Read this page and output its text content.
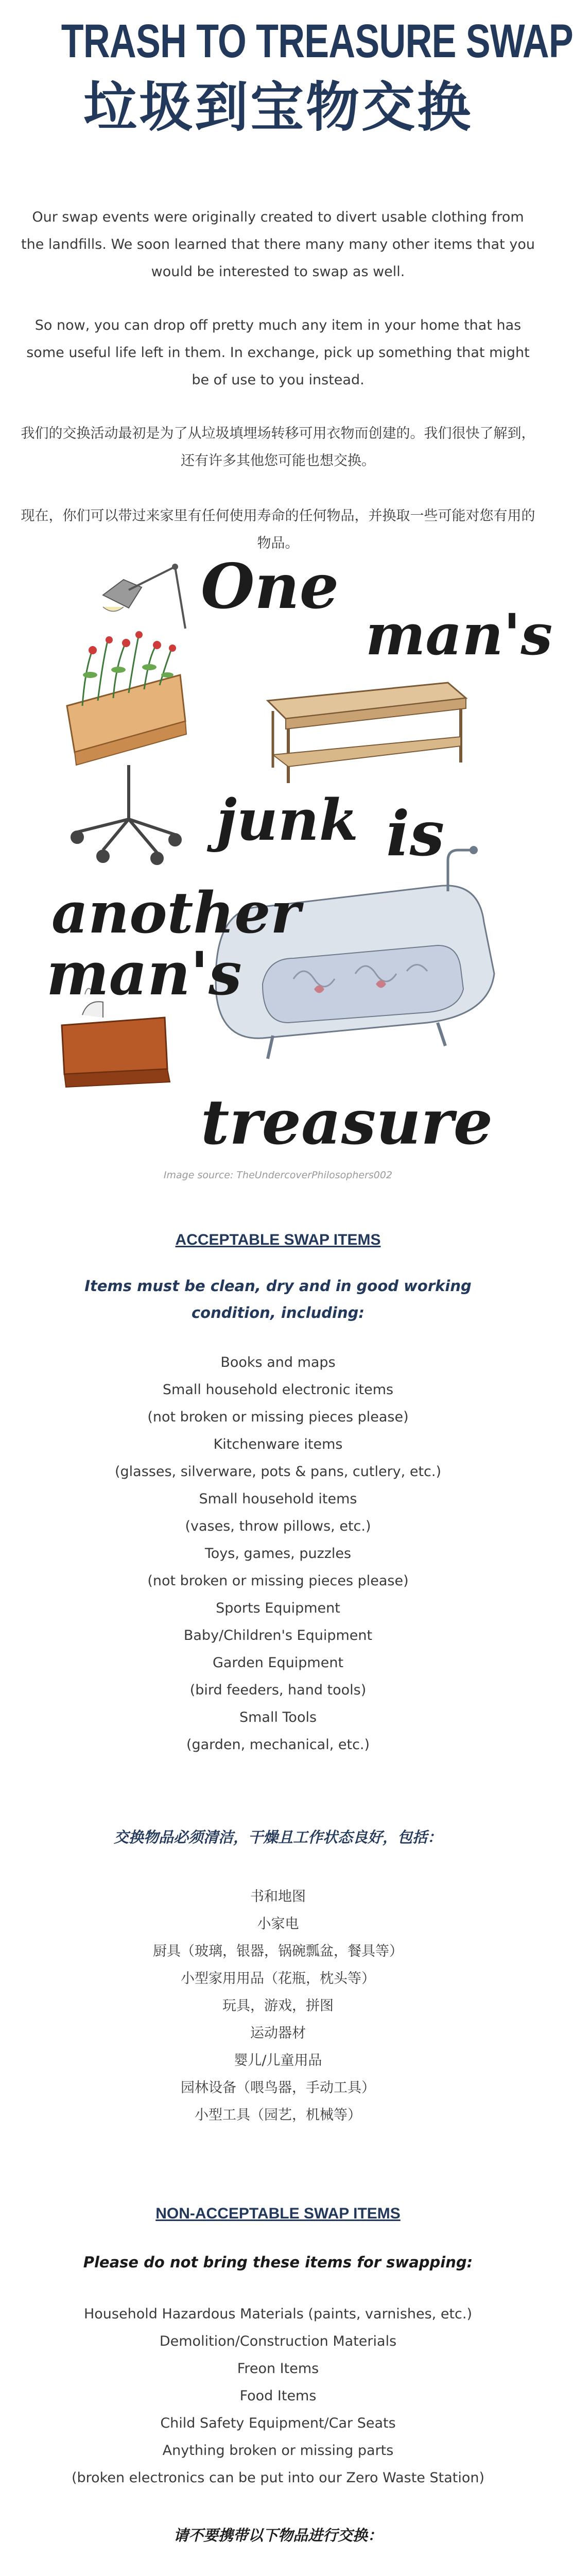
TRASH TO TREASURE SWAP
垃圾到宝物交换

Our swap events were originally created to divert usable clothing from the landfills. We soon learned that there many many other items that you would be interested to swap as well.

So now, you can drop off pretty much any item in your home that has some useful life left in them. In exchange, pick up something that might be of use to you instead.

我们的交换活动最初是为了从垃圾填埋场转移可用衣物而创建的。我们很快了解到，还有许多其他您可能也想交换。

现在，你们可以带过来家里有任何使用寿命的任何物品，并换取一些可能对您有用的物品。

One
man's
junk is
another
man's
treasure

Image source: TheUndercoverPhilosophers002

ACCEPTABLE SWAP ITEMS

Items must be clean, dry and in good working condition, including:

Books and maps
Small household electronic items
(not broken or missing pieces please)
Kitchenware items
(glasses, silverware, pots & pans, cutlery, etc.)
Small household items
(vases, throw pillows, etc.)
Toys, games, puzzles
(not broken or missing pieces please)
Sports Equipment
Baby/Children's Equipment
Garden Equipment
(bird feeders, hand tools)
Small Tools
(garden, mechanical, etc.)

交换物品必须清洁，干燥且工作状态良好，包括：

书和地图
小家电
厨具（玻璃，银器，锅碗瓢盆，餐具等）
小型家用用品（花瓶，枕头等）
玩具，游戏，拼图
运动器材
婴儿/儿童用品
园林设备（喂鸟器，手动工具）
小型工具（园艺，机械等）
NON-ACCEPTABLE SWAP ITEMS

Please do not bring these items for swapping:

Household Hazardous Materials (paints, varnishes, etc.)
Demolition/Construction Materials
Freon Items
Food Items
Child Safety Equipment/Car Seats
Anything broken or missing parts
(broken electronics can be put into our Zero Waste Station)

请不要携带以下物品进行交换：
